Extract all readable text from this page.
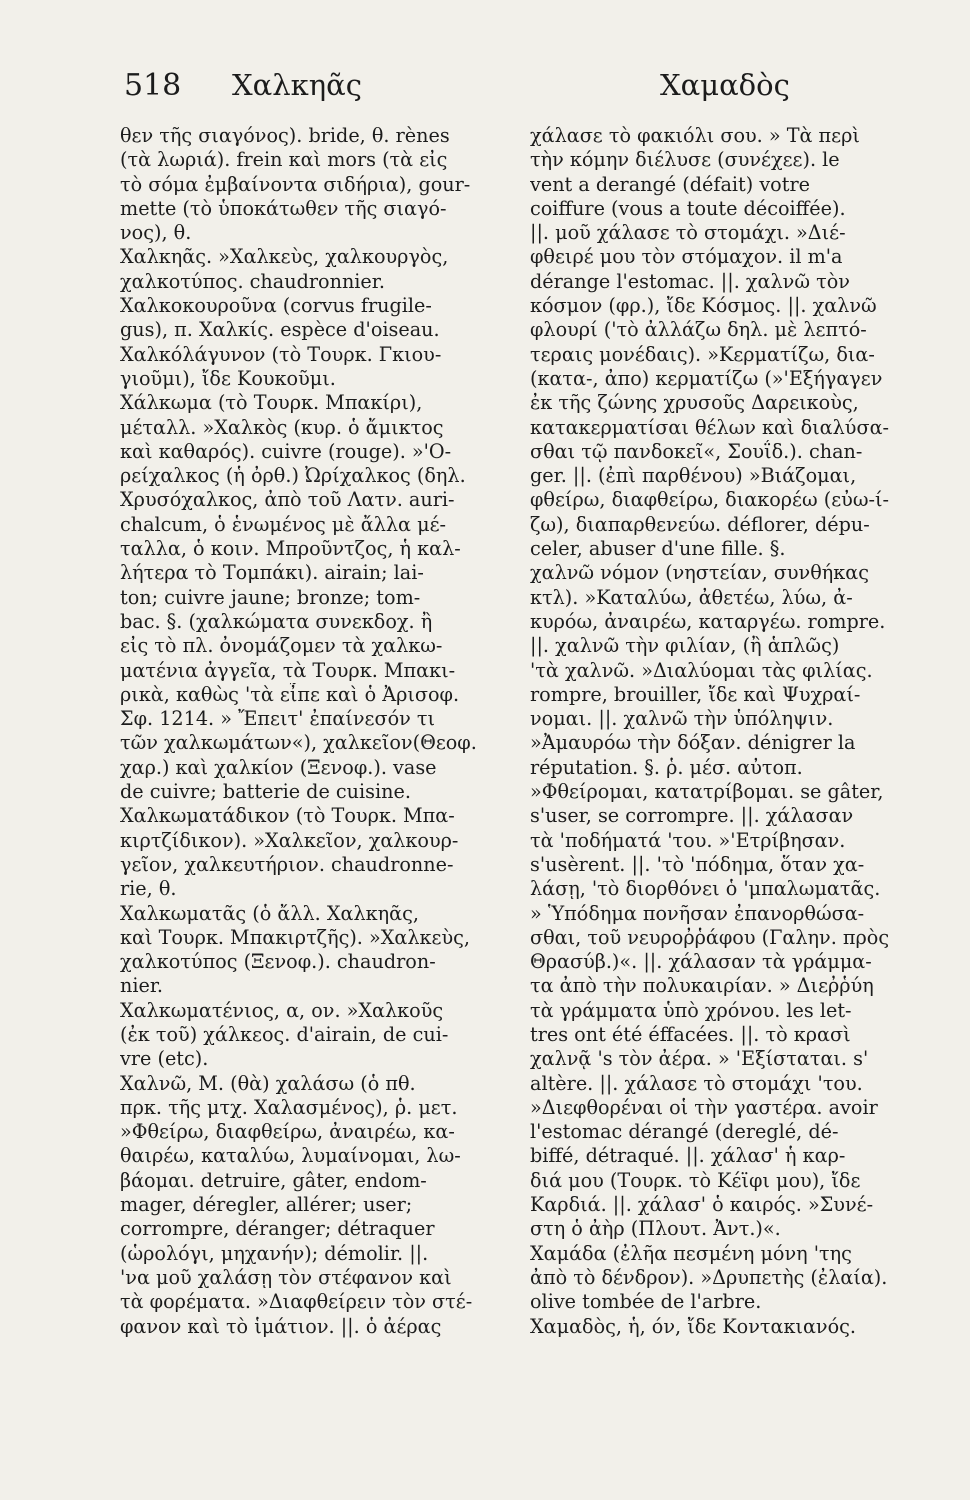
518 Χαλκηᾶς	Χαμαδὸς
θεν τῆς σιαγόνος). bride, θ. rènes
(τὰ λωριά). frein καὶ mors (τὰ εἰς
τὸ σόμα ἐμβαίνοντα σιδήρια), gour-
mette (τὸ ὑποκάτωθεν τῆς σιαγό-
νος), θ.
Χαλκηᾶς. »Χαλκεὺς, χαλκουργὸς,
χαλκοτύπος. chaudronnier.
Χαλκοκουροῦνα (corvus frugile-
gus), π. Χαλκίς. espèce d'oiseau.
Χαλκόλάγυνον (τὸ Τουρκ. Γκιου-
γιοῦμι), ἴδε Κουκοῦμι.
Χάλκωμα (τὸ Τουρκ. Μπακίρι),
μέταλλ. »Χαλκὸς (κυρ. ὁ ἄμικτος
καὶ καθαρός). cuivre (rouge). »'Ο-
ρείχαλκος (ἡ ὀρθ.) Ὠρίχαλκος (δηλ.
Χρυσόχαλκος, ἀπὸ τοῦ Λατν. auri-
chalcum, ὁ ἑνωμένος μὲ ἄλλα μέ-
ταλλα, ὁ κοιν. Μπροῦντζος, ἡ καλ-
λήτερα τὸ Τομπάκι). airain; lai-
ton; cuivre jaune; bronze; tom-
bac. §. (χαλκώματα συνεκδοχ. ἢ
εἰς τὸ πλ. ὀνομάζομεν τὰ χαλκω-
ματένια ἀγγεῖα, τὰ Τουρκ. Μπακι-
ρικὰ, καθὼς 'τὰ εἶπε καὶ ὁ Ἀρισοφ.
Σφ. 1214. » Ἔπειτ' ἐπαίνεσόν τι
τῶν χαλκωμάτων«), χαλκεῖον(Θεοφ.
χαρ.) καὶ χαλκίον (Ξενοφ.). vase
de cuivre; batterie de cuisine.
Χαλκωματάδικον (τὸ Τουρκ. Μπα-
κιρτζίδικον). »Χαλκεῖον, χαλκουρ-
γεῖον, χαλκευτήριον. chaudronne-
rie, θ.
Χαλκωματᾶς (ὁ ἄλλ. Χαλκηᾶς,
καὶ Τουρκ. Μπακιρτζῆς). »Χαλκεὺς,
χαλκοτύπος (Ξενοφ.). chaudron-
nier.
Χαλκωματένιος, α, ον. »Χαλκοῦς
(ἐκ τοῦ) χάλκεος. d'airain, de cui-
vre (etc).
Χαλνῶ, Μ. (θὰ) χαλάσω (ὁ πθ.
πρκ. τῆς μτχ. Χαλασμένος), ῥ. μετ.
»Φθείρω, διαφθείρω, ἀναιρέω, κα-
θαιρέω, καταλύω, λυμαίνομαι, λω-
βάομαι. detruire, gâter, endom-
mager, déregler, allérer; user;
corrompre, déranger; détraquer
(ὡρολόγι, μηχανήν); démolir. ||.
'να μοῦ χαλάσῃ τὸν στέφανον καὶ
τὰ φορέματα. »Διαφθείρειν τὸν στέ-
φανον καὶ τὸ ἱμάτιον. ||. ὁ ἀέρας
χάλασε τὸ φακιόλι σου. » Τὰ περὶ
τὴν κόμην διέλυσε (συνέχεε). le
vent a derangé (défait) votre
coiffure (vous a toute décoiffée).
||. μοῦ χάλασε τὸ στομάχι. »Διέ-
φθειρέ μου τὸν στόμαχον. il m'a
dérange l'estomac. ||. χαλνῶ τὸν
κόσμον (φρ.), ἴδε Κόσμος. ||. χαλνῶ
φλουρί ('τὸ ἀλλάζω δηλ. μὲ λεπτό-
τεραις μονέδαις). »Κερματίζω, δια-
(κατα-, ἀπο) κερματίζω (»'Εξήγαγεν
ἐκ τῆς ζώνης χρυσοῦς Δαρεικοὺς,
κατακερματίσαι θέλων καὶ διαλύσα-
σθαι τῷ πανδοκεῖ«, Σουΐδ.). chan-
ger. ||. (ἐπὶ παρθένου) »Βιάζομαι,
φθείρω, διαφθείρω, διακορέω (εὐω-ί-
ζω), διαπαρθενεύω. déflorer, dépu-
celer, abuser d'une fille. §.
χαλνῶ νόμον (νηστείαν, συνθήκας
κτλ). »Καταλύω, ἀθετέω, λύω, ἀ-
κυρόω, ἀναιρέω, καταργέω. rompre.
||. χαλνῶ τὴν φιλίαν, (ἢ ἁπλῶς)
'τὰ χαλνῶ. »Διαλύομαι τὰς φιλίας.
rompre, brouiller, ἴδε καὶ Ψυχραί-
νομαι. ||. χαλνῶ τὴν ὑπόληψιν.
»Ἀμαυρόω τὴν δόξαν. dénigrer la
réputation. §. ῥ. μέσ. αὐτοπ.
»Φθείρομαι, κατατρίβομαι. se gâter,
s'user, se corrompre. ||. χάλασαν
τὰ 'ποδήματά 'του. »'Ετρίβησαν.
s'usèrent. ||. 'τὸ 'πόδημα, ὅταν χα-
λάσῃ, 'τὸ διορθόνει ὁ 'μπαλωματᾶς.
» Ὑπόδημα πονῆσαν ἐπανορθώσα-
σθαι, τοῦ νευροῤῥάφου (Γαλην. πρὸς
Θρασύβ.)«. ||. χάλασαν τὰ γράμμα-
τα ἀπὸ τὴν πολυκαιρίαν. » Διεῤῥύη
τὰ γράμματα ὑπὸ χρόνου. les let-
tres ont été éffacées. ||. τὸ κρασὶ
χαλνᾷ 's τὸν ἀέρα. » 'Εξίσταται. s'
altère. ||. χάλασε τὸ στομάχι 'του.
»Διεφθορέναι οἱ τὴν γαστέρα. avoir
l'estomac dérangé (dereglé, dé-
biffé, détraqué. ||. χάλασ' ἡ καρ-
διά μου (Τουρκ. τὸ Κέϊφι μου), ἴδε
Καρδιά. ||. χάλασ' ὁ καιρός. »Συνέ-
στη ὁ ἀὴρ (Πλουτ. Ἀντ.)«.
Χαμάδα (ἐλῆα πεσμένη μόνη 'της
ἀπὸ τὸ δένδρον). »Δρυπετὴς (ἐλαία).
olive tombée de l'arbre.
Χαμαδὸς, ἡ, όν, ἴδε Κοντακιανός.
